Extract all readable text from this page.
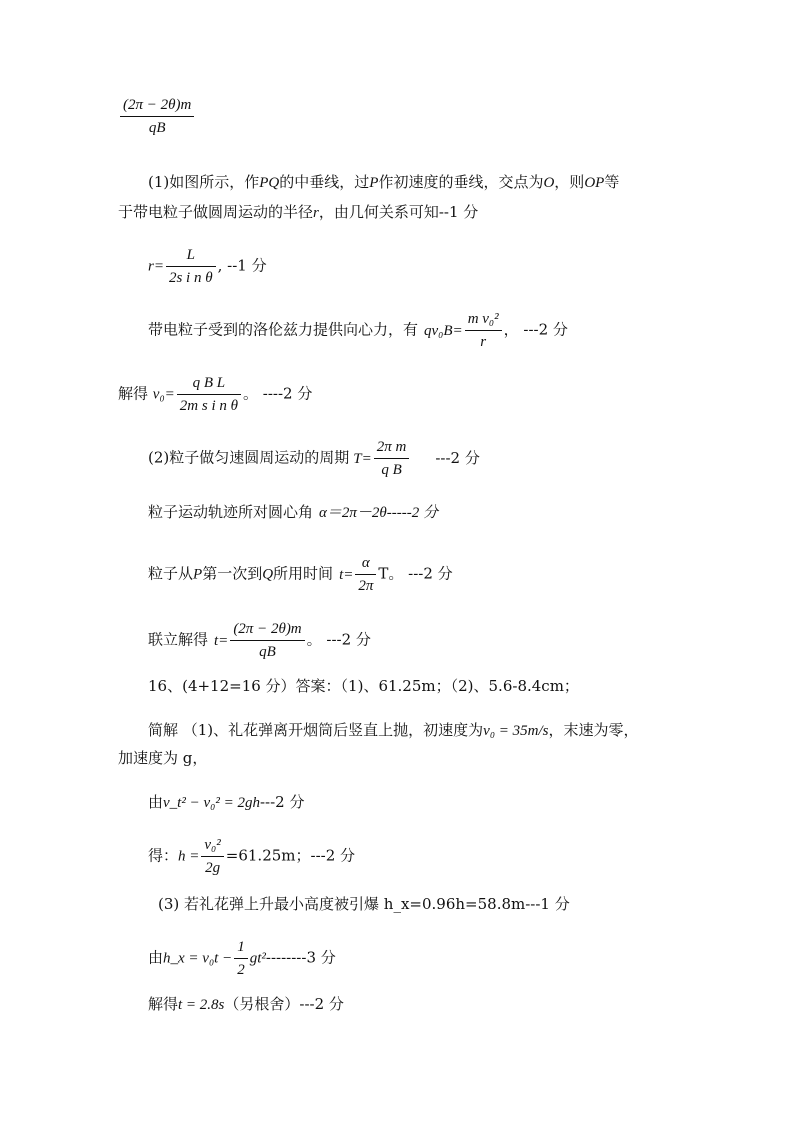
$\frac{(2\pi - 2\theta)m}{qB}$
(1)如图所示，作PQ的中垂线，过P作初速度的垂线，交点为O，则OP等
于带电粒子做圆周运动的半径r，由几何关系可知--1 分
$r= \frac{L}{\text{2s i n θ}}$ , --1 分
带电粒子受到的洛伦兹力提供向心力，有 $qv_0B= \frac{\text{m v₀²}}{r}$ ， ---2 分
解得 $v_0= \frac{\text{q B L}}{\text{2m s i n θ}}$ 。 ----2 分
(2)粒子做匀速圆周运动的周期 $T= \frac{\text{2π m}}{\text{q B}} ---2$ 分
粒子运动轨迹所对圆心角 α＝2π－2θ-----2 分
粒子从P第一次到Q所用时间 $t= \frac{\alpha}{2\pi}$ T。 ---2 分
联立解得 $t= \frac{(2\pi - 2\theta)m}{qB}$ 。 ---2 分
16、(4+12=16 分）答案：（1)、61.25m；（2)、5.6-8.4cm；
简解 （1)、礼花弹离开烟筒后竖直上抛，初速度为v₀ = 35m/s，末速为零，
加速度为 g，
由v_t² − v₀² = 2gh---2 分
得：$h = \frac{\text{v₀²}}{2g} =61.25m$；---2 分
(3) 若礼花弹上升最小高度被引爆 h_x=0.96h=58.8m---1 分
由h_x = $v_0t - \frac{1}{2} gt^2--------3$ 分
解得t = 2.8s（另根舍）---2 分
